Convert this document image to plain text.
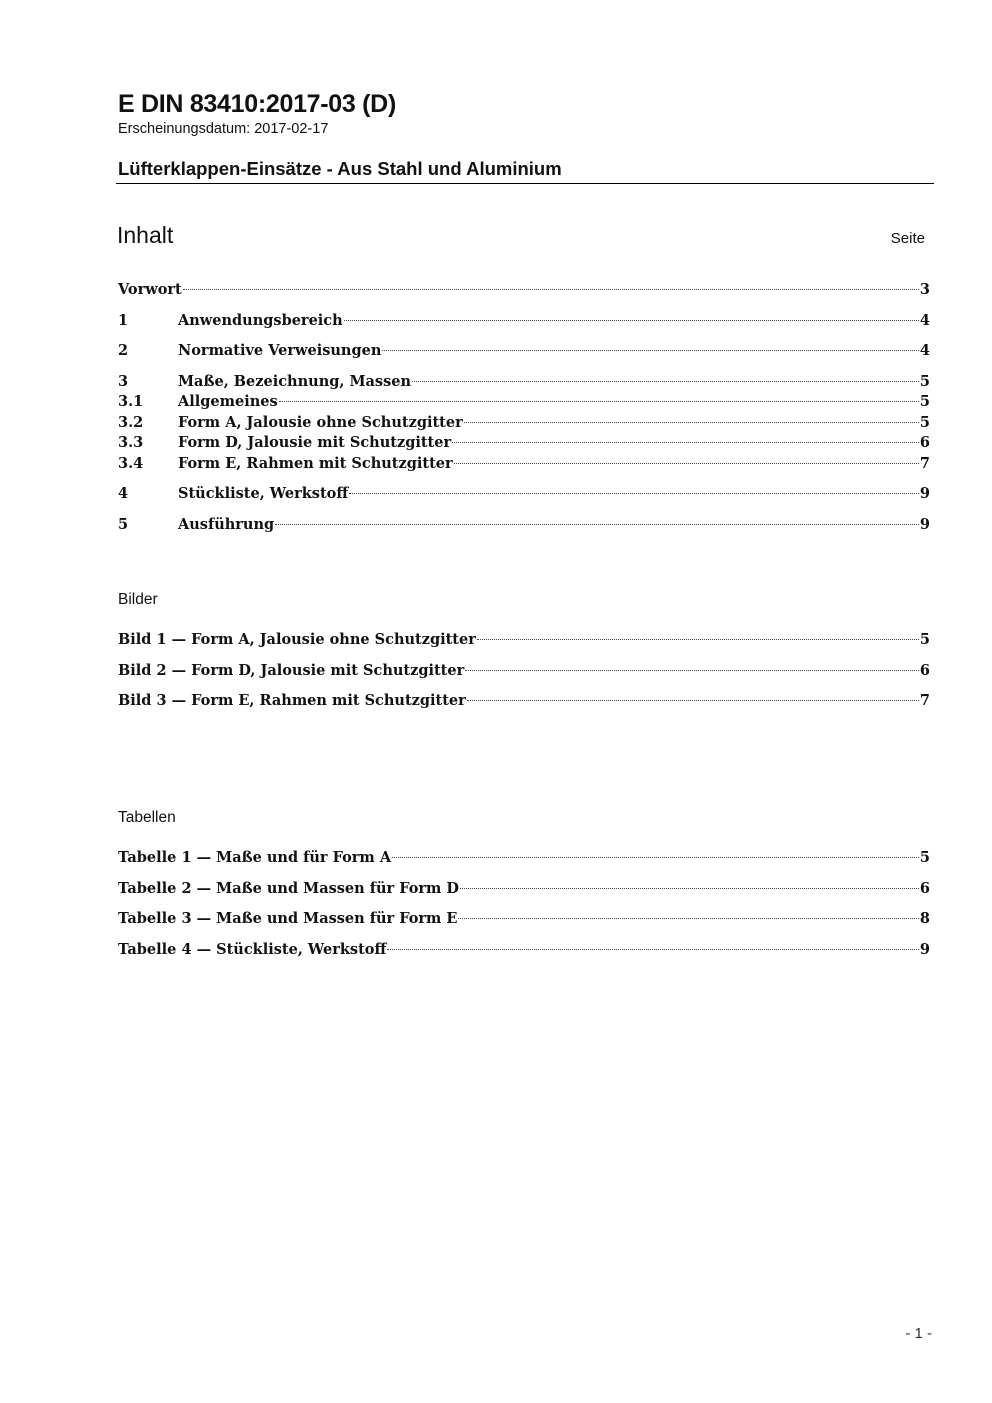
E DIN 83410:2017-03 (D)
Erscheinungsdatum: 2017-02-17
Lüfterklappen-Einsätze - Aus Stahl und Aluminium
Inhalt	Seite
Vorwort	3
1	Anwendungsbereich	4
2	Normative Verweisungen	4
3	Maße, Bezeichnung, Massen	5
3.1	Allgemeines	5
3.2	Form A, Jalousie ohne Schutzgitter	5
3.3	Form D, Jalousie mit Schutzgitter	6
3.4	Form E, Rahmen mit Schutzgitter	7
4	Stückliste, Werkstoff	9
5	Ausführung	9
Bilder
Bild 1 — Form A, Jalousie ohne Schutzgitter	5
Bild 2 — Form D, Jalousie mit Schutzgitter	6
Bild 3 — Form E, Rahmen mit Schutzgitter	7
Tabellen
Tabelle 1 — Maße und für Form A	5
Tabelle 2 — Maße und Massen für Form D	6
Tabelle 3 — Maße und Massen für Form E	8
Tabelle 4 — Stückliste, Werkstoff	9
- 1 -
